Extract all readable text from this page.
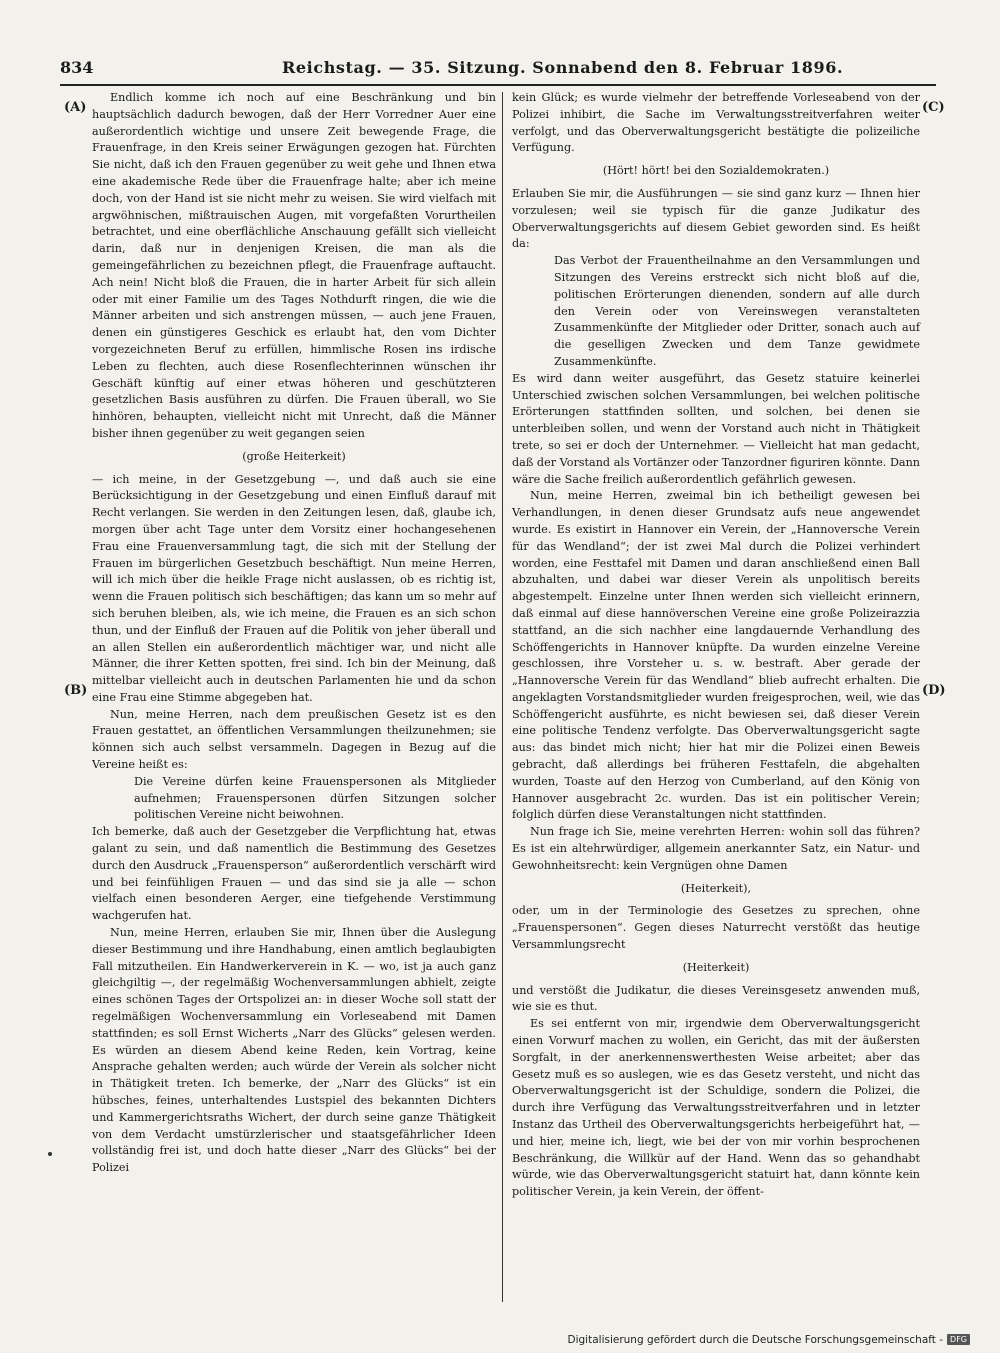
834	Reichstag. — 35. Sitzung. Sonnabend den 8. Februar 1896.
(A)
(B)
(C)
(D)

Endlich komme ich noch auf eine Beschränkung und bin hauptsächlich dadurch bewogen, daß der Herr Vorredner Auer eine außerordentlich wichtige und unsere Zeit bewegende Frage, die Frauenfrage, in den Kreis seiner Erwägungen gezogen hat. Fürchten Sie nicht, daß ich den Frauen gegenüber zu weit gehe und Ihnen etwa eine akademische Rede über die Frauenfrage halte; aber ich meine doch, von der Hand ist sie nicht mehr zu weisen. Sie wird vielfach mit argwöhnischen, mißtrauischen Augen, mit vorgefaßten Vorurtheilen betrachtet, und eine oberflächliche Anschauung gefällt sich vielleicht darin, daß nur in denjenigen Kreisen, die man als die gemeingefährlichen zu bezeichnen pflegt, die Frauenfrage auftaucht. Ach nein! Nicht bloß die Frauen, die in harter Arbeit für sich allein oder mit einer Familie um des Tages Nothdurft ringen, die wie die Männer arbeiten und sich anstrengen müssen, — auch jene Frauen, denen ein günstigeres Geschick es erlaubt hat, den vom Dichter vorgezeichneten Beruf zu erfüllen, himmlische Rosen ins irdische Leben zu flechten, auch diese Rosenflechterinnen wünschen ihr Geschäft künftig auf einer etwas höheren und geschützteren gesetzlichen Basis ausführen zu dürfen. Die Frauen überall, wo Sie hinhören, behaupten, vielleicht nicht mit Unrecht, daß die Männer bisher ihnen gegenüber zu weit gegangen seien

(große Heiterkeit)

— ich meine, in der Gesetzgebung —, und daß auch sie eine Berücksichtigung in der Gesetzgebung und einen Einfluß darauf mit Recht verlangen. Sie werden in den Zeitungen lesen, daß, glaube ich, morgen über acht Tage unter dem Vorsitz einer hochangesehenen Frau eine Frauenversammlung tagt, die sich mit der Stellung der Frauen im bürgerlichen Gesetzbuch beschäftigt. Nun meine Herren, will ich mich über die heikle Frage nicht auslassen, ob es richtig ist, wenn die Frauen politisch sich beschäftigen; das kann um so mehr auf sich beruhen bleiben, als, wie ich meine, die Frauen es an sich schon thun, und der Einfluß der Frauen auf die Politik von jeher überall und an allen Stellen ein außerordentlich mächtiger war, und nicht alle Männer, die ihrer Ketten spotten, frei sind. Ich bin der Meinung, daß mittelbar vielleicht auch in deutschen Parlamenten hie und da schon eine Frau eine Stimme abgegeben hat.

Nun, meine Herren, nach dem preußischen Gesetz ist es den Frauen gestattet, an öffentlichen Versammlungen theilzunehmen; sie können sich auch selbst versammeln. Dagegen in Bezug auf die Vereine heißt es:

Die Vereine dürfen keine Frauenspersonen als Mitglieder aufnehmen; Frauenspersonen dürfen Sitzungen solcher politischen Vereine nicht beiwohnen.

Ich bemerke, daß auch der Gesetzgeber die Verpflichtung hat, etwas galant zu sein, und daß namentlich die Bestimmung des Gesetzes durch den Ausdruck „Frauensperson“ außerordentlich verschärft wird und bei feinfühligen Frauen — und das sind sie ja alle — schon vielfach einen besonderen Aerger, eine tiefgehende Verstimmung wachgerufen hat.

Nun, meine Herren, erlauben Sie mir, Ihnen über die Auslegung dieser Bestimmung und ihre Handhabung, einen amtlich beglaubigten Fall mitzutheilen. Ein Handwerkerverein in K. — wo, ist ja auch ganz gleichgiltig —, der regelmäßig Wochenversammlungen abhielt, zeigte eines schönen Tages der Ortspolizei an: in dieser Woche soll statt der regelmäßigen Wochenversammlung ein Vorleseabend mit Damen stattfinden; es soll Ernst Wicherts „Narr des Glücks“ gelesen werden. Es würden an diesem Abend keine Reden, kein Vortrag, keine Ansprache gehalten werden; auch würde der Verein als solcher nicht in Thätigkeit treten. Ich bemerke, der „Narr des Glücks“ ist ein hübsches, feines, unterhaltendes Lustspiel des bekannten Dichters und Kammergerichtsraths Wichert, der durch seine ganze Thätigkeit von dem Verdacht umstürzlerischer und staatsgefährlicher Ideen vollständig frei ist, und doch hatte dieser „Narr des Glücks“ bei der Polizei

kein Glück; es wurde vielmehr der betreffende Vorleseabend von der Polizei inhibirt, die Sache im Verwaltungsstreitverfahren weiter verfolgt, und das Oberverwaltungsgericht bestätigte die polizeiliche Verfügung.

(Hört! hört! bei den Sozialdemokraten.)

Erlauben Sie mir, die Ausführungen — sie sind ganz kurz — Ihnen hier vorzulesen; weil sie typisch für die ganze Judikatur des Oberverwaltungsgerichts auf diesem Gebiet geworden sind. Es heißt da:

Das Verbot der Frauentheilnahme an den Versammlungen und Sitzungen des Vereins erstreckt sich nicht bloß auf die, politischen Erörterungen dienenden, sondern auf alle durch den Verein oder von Vereinswegen veranstalteten Zusammenkünfte der Mitglieder oder Dritter, sonach auch auf die geselligen Zwecken und dem Tanze gewidmete Zusammenkünfte.

Es wird dann weiter ausgeführt, das Gesetz statuire keinerlei Unterschied zwischen solchen Versammlungen, bei welchen politische Erörterungen stattfinden sollten, und solchen, bei denen sie unterbleiben sollen, und wenn der Vorstand auch nicht in Thätigkeit trete, so sei er doch der Unternehmer. — Vielleicht hat man gedacht, daß der Vorstand als Vortänzer oder Tanzordner figuriren könnte. Dann wäre die Sache freilich außerordentlich gefährlich gewesen.

Nun, meine Herren, zweimal bin ich betheiligt gewesen bei Verhandlungen, in denen dieser Grundsatz aufs neue angewendet wurde. Es existirt in Hannover ein Verein, der „Hannoversche Verein für das Wendland“; der ist zwei Mal durch die Polizei verhindert worden, eine Festtafel mit Damen und daran anschließend einen Ball abzuhalten, und dabei war dieser Verein als unpolitisch bereits abgestempelt. Einzelne unter Ihnen werden sich vielleicht erinnern, daß einmal auf diese hannöverschen Vereine eine große Polizeirazzia stattfand, an die sich nachher eine langdauernde Verhandlung des Schöffengerichts in Hannover knüpfte. Da wurden einzelne Vereine geschlossen, ihre Vorsteher u. s. w. bestraft. Aber gerade der „Hannoversche Verein für das Wendland“ blieb aufrecht erhalten. Die angeklagten Vorstandsmitglieder wurden freigesprochen, weil, wie das Schöffengericht ausführte, es nicht bewiesen sei, daß dieser Verein eine politische Tendenz verfolgte. Das Oberverwaltungsgericht sagte aus: das bindet mich nicht; hier hat mir die Polizei einen Beweis gebracht, daß allerdings bei früheren Festtafeln, die abgehalten wurden, Toaste auf den Herzog von Cumberland, auf den König von Hannover ausgebracht 2c. wurden. Das ist ein politischer Verein; folglich dürfen diese Veranstaltungen nicht stattfinden.

Nun frage ich Sie, meine verehrten Herren: wohin soll das führen? Es ist ein altehrwürdiger, allgemein anerkannter Satz, ein Natur- und Gewohnheitsrecht: kein Vergnügen ohne Damen

(Heiterkeit),

oder, um in der Terminologie des Gesetzes zu sprechen, ohne „Frauenspersonen“. Gegen dieses Naturrecht verstößt das heutige Versammlungsrecht

(Heiterkeit)

und verstößt die Judikatur, die dieses Vereinsgesetz anwenden muß, wie sie es thut.

Es sei entfernt von mir, irgendwie dem Oberverwaltungsgericht einen Vorwurf machen zu wollen, ein Gericht, das mit der äußersten Sorgfalt, in der anerkennenswerthesten Weise arbeitet; aber das Gesetz muß es so auslegen, wie es das Gesetz versteht, und nicht das Oberverwaltungsgericht ist der Schuldige, sondern die Polizei, die durch ihre Verfügung das Verwaltungsstreitverfahren und in letzter Instanz das Urtheil des Oberverwaltungsgerichts herbeigeführt hat, — und hier, meine ich, liegt, wie bei der von mir vorhin besprochenen Beschränkung, die Willkür auf der Hand. Wenn das so gehandhabt würde, wie das Oberverwaltungsgericht statuirt hat, dann könnte kein politischer Verein, ja kein Verein, der öffent-

Digitalisierung gefördert durch die Deutsche Forschungsgemeinschaft - DFG
